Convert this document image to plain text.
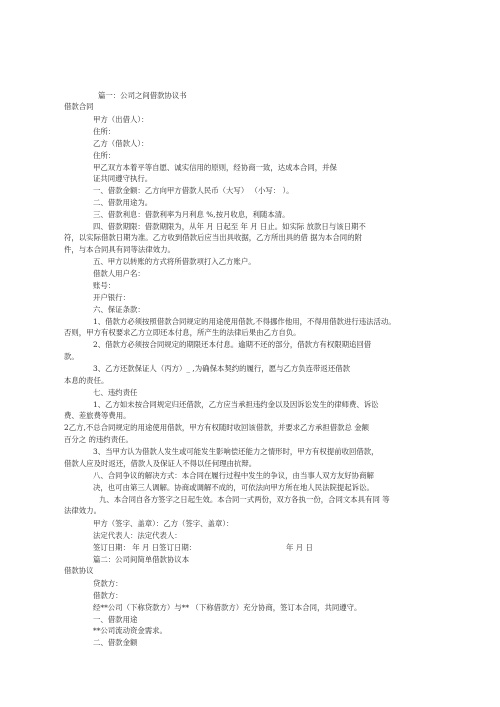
篇一：公司之间借款协议书
借款合同
甲方（出借人）：
住所：
乙方（借款人）：
住所：
甲乙双方本着平等自愿、诚实信用的原则，经协商一致，达成本合同，并保
证共同遵守执行。
一、借款金额：乙方向甲方借款人民币（大写） （小写： ）。
二、借款用途为。
三、借款利息：借款利率为月利息 %,按月收息，利随本清。
四、借款期限：借款期限为，从年 月 日起至 年 月 日止。如实际 放款日与该日期不
符，以实际借款日期为准。乙方收到借款后应当出具收据，乙方所出具的借 据为本合同的附
件，与本合同具有同等法律效力。
五、甲方以转账的方式将所借款项打入乙方账户。
借款人用户名：
账号：
开户银行：
六、保证条款：
1、借款方必须按照借款合同规定的用途使用借款,不得挪作他用，不得用借款进行违法活动。
否则，甲方有权要求乙方立即还本付息，所产生的法律后果由乙方自负。
2、借款方必须按合同规定的期限还本付息。逾期不还的部分，借款方有权限期追回借
款。
3、乙方还款保证人（丙方）_ ,为确保本契约的履行，愿与乙方负连带返还借款
本息的责任。
七、违约责任
1、乙方如未按合同规定归还借款，乙方应当承担违约金以及因诉讼发生的律师费、诉讼
费、差旅费等费用。
2乙方,不总合同规定的用途使用借款，甲方有权随时收回该借款，并要求乙方承担借款总 金额
百分之 的违约责任。
3、当甲方认为借款人发生或可能发生影响偿还能力之情形时，甲方有权提前收回借款，
借款人应及时返还，借款人及保证人不得以任何理由抗辩。
八、合同争议的解决方式：本合同在履行过程中发生的争议，由当事人双方友好协商解
决，也可由第三人调解。协商或调解不成的，可依法向甲方所在地人民法院提起诉讼。
九、本合同自各方签字之日起生效。本合同一式两份，双方各执一份，合同文本具有同 等
法律效力。
甲方（签字、盖章）：乙方（签字、盖章）：
法定代表人：法定代表人：
签订日期： 年 月 日签订日期：
篇二：公司间简单借款协议本
借款协议
贷款方：
借款方：
经**公司（下称贷款方）与** （下称借款方）充分协商，签订本合同，共同遵守。
一、借款用途
**公司流动资金需求。
二、借款金额
年 月 日
